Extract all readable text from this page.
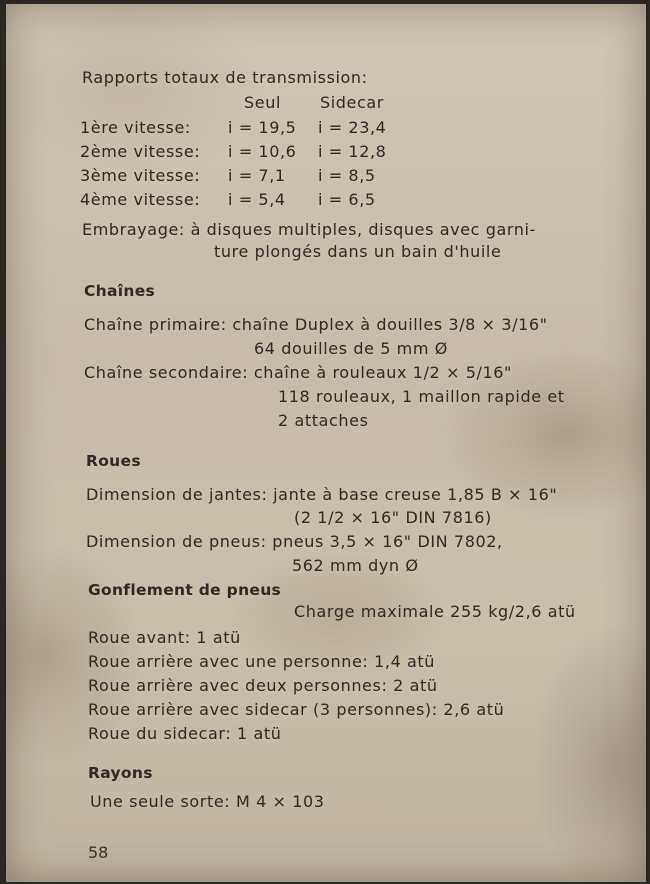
Rapports totaux de transmission:
Seul Sidecar
1ère vitesse: i = 19,5 i = 23,4
2ème vitesse: i = 10,6 i = 12,8
3ème vitesse: i = 7,1 i = 8,5
4ème vitesse: i = 5,4 i = 6,5
Embrayage: à disques multiples, disques avec garni-
ture plongés dans un bain d'huile
Chaînes
Chaîne primaire: chaîne Duplex à douilles 3/8 × 3/16"
64 douilles de 5 mm Ø
Chaîne secondaire: chaîne à rouleaux 1/2 × 5/16"
118 rouleaux, 1 maillon rapide et
2 attaches
Roues
Dimension de jantes: jante à base creuse 1,85 B × 16"
(2 1/2 × 16" DIN 7816)
Dimension de pneus: pneus 3,5 × 16" DIN 7802,
562 mm dyn Ø
Gonflement de pneus
Charge maximale 255 kg/2,6 atü
Roue avant: 1 atü
Roue arrière avec une personne: 1,4 atü
Roue arrière avec deux personnes: 2 atü
Roue arrière avec sidecar (3 personnes): 2,6 atü
Roue du sidecar: 1 atü
Rayons
Une seule sorte: M 4 × 103
58
